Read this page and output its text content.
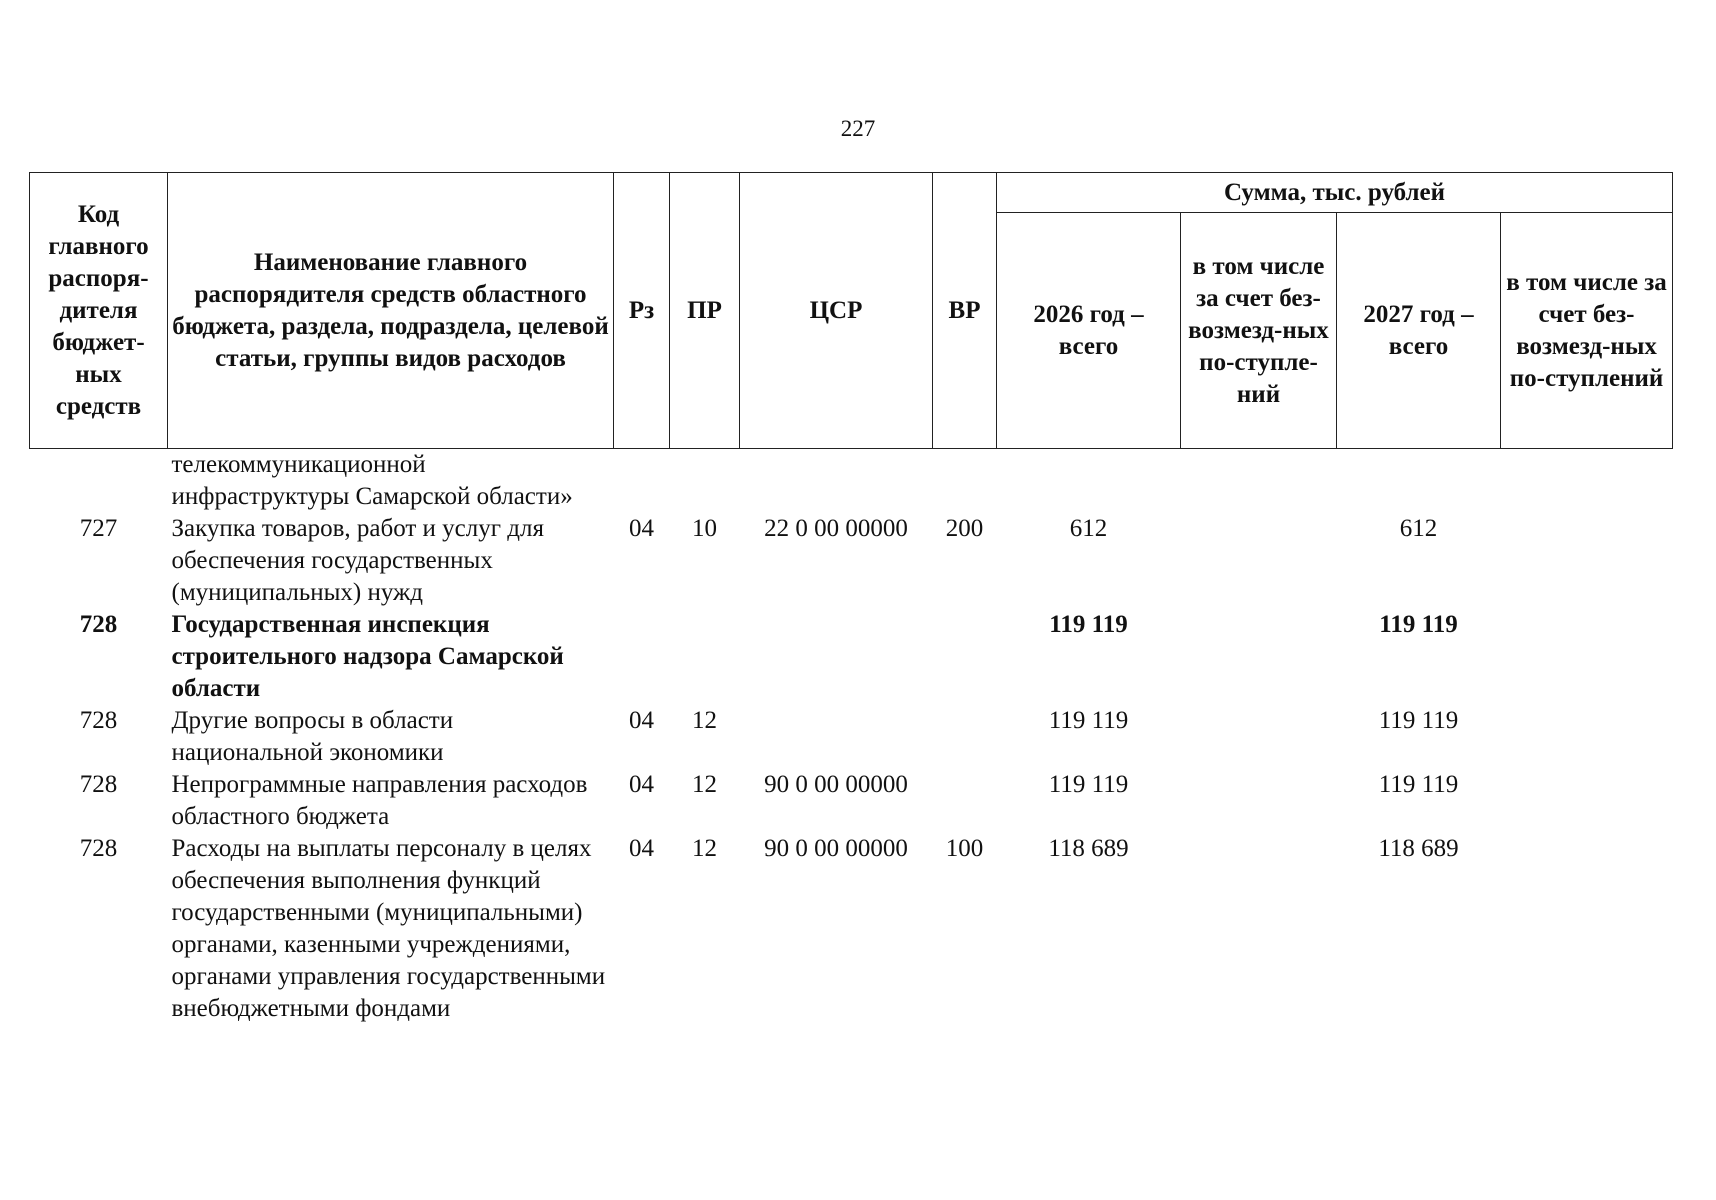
227
Код главного распоря-дителя бюджет-ных средств	Наименование главного распорядителя средств областного бюджета, раздела, подраздела, целевой статьи, группы видов расходов	Рз	ПР	ЦСР	ВР	Сумма, тыс. рублей			
						2026 год – всего	в том числе за счет без-возмезд-ных по-ступле-ний	2027 год – всего	в том числе за счет без-возмезд-ных по-ступлений
	телекоммуникационной инфраструктуры Самарской области»								
727	Закупка товаров, работ и услуг для обеспечения государственных (муниципальных) нужд	04	10	22 0 00 00000	200	612		612	
728	Государственная инспекция строительного надзора Самарской области					119 119		119 119	
728	Другие вопросы в области национальной экономики	04	12			119 119		119 119	
728	Непрограммные направления расходов областного бюджета	04	12	90 0 00 00000		119 119		119 119	
728	Расходы на выплаты персоналу в целях обеспечения выполнения функций государственными (муниципальными) органами, казенными учреждениями, органами управления государственными внебюджетными фондами	04	12	90 0 00 00000	100	118 689		118 689	
